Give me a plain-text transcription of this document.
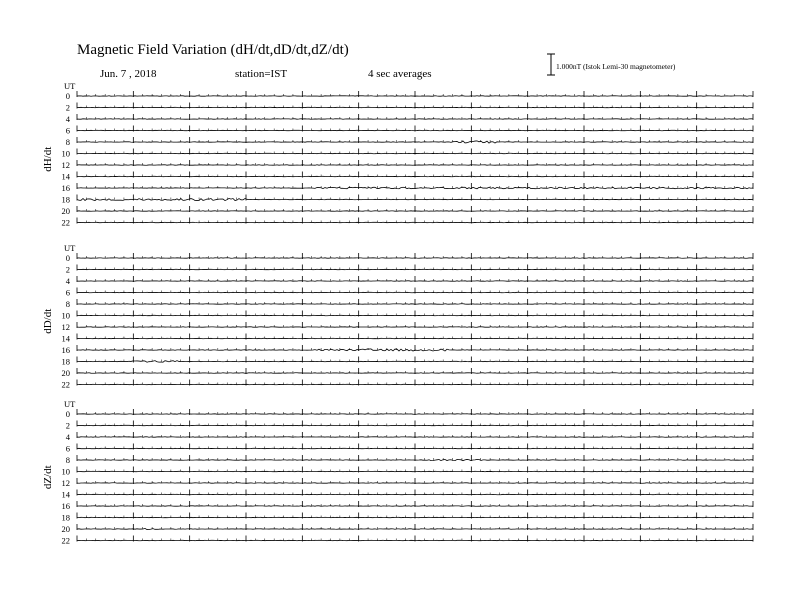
Magnetic Field Variation (dH/dt,dD/dt,dZ/dt)
Jun. 7 , 2018	station=IST	4 sec averages
1.000nT (Istok Lemi-30 magnetometer)
UT
dH/dt
0
2
4
6
8
10
12
14
16
18
20
22
UT
dD/dt
0
2
4
6
8
10
12
14
16
18
20
22
UT
dZ/dt
0
2
4
6
8
10
12
14
16
18
20
22
